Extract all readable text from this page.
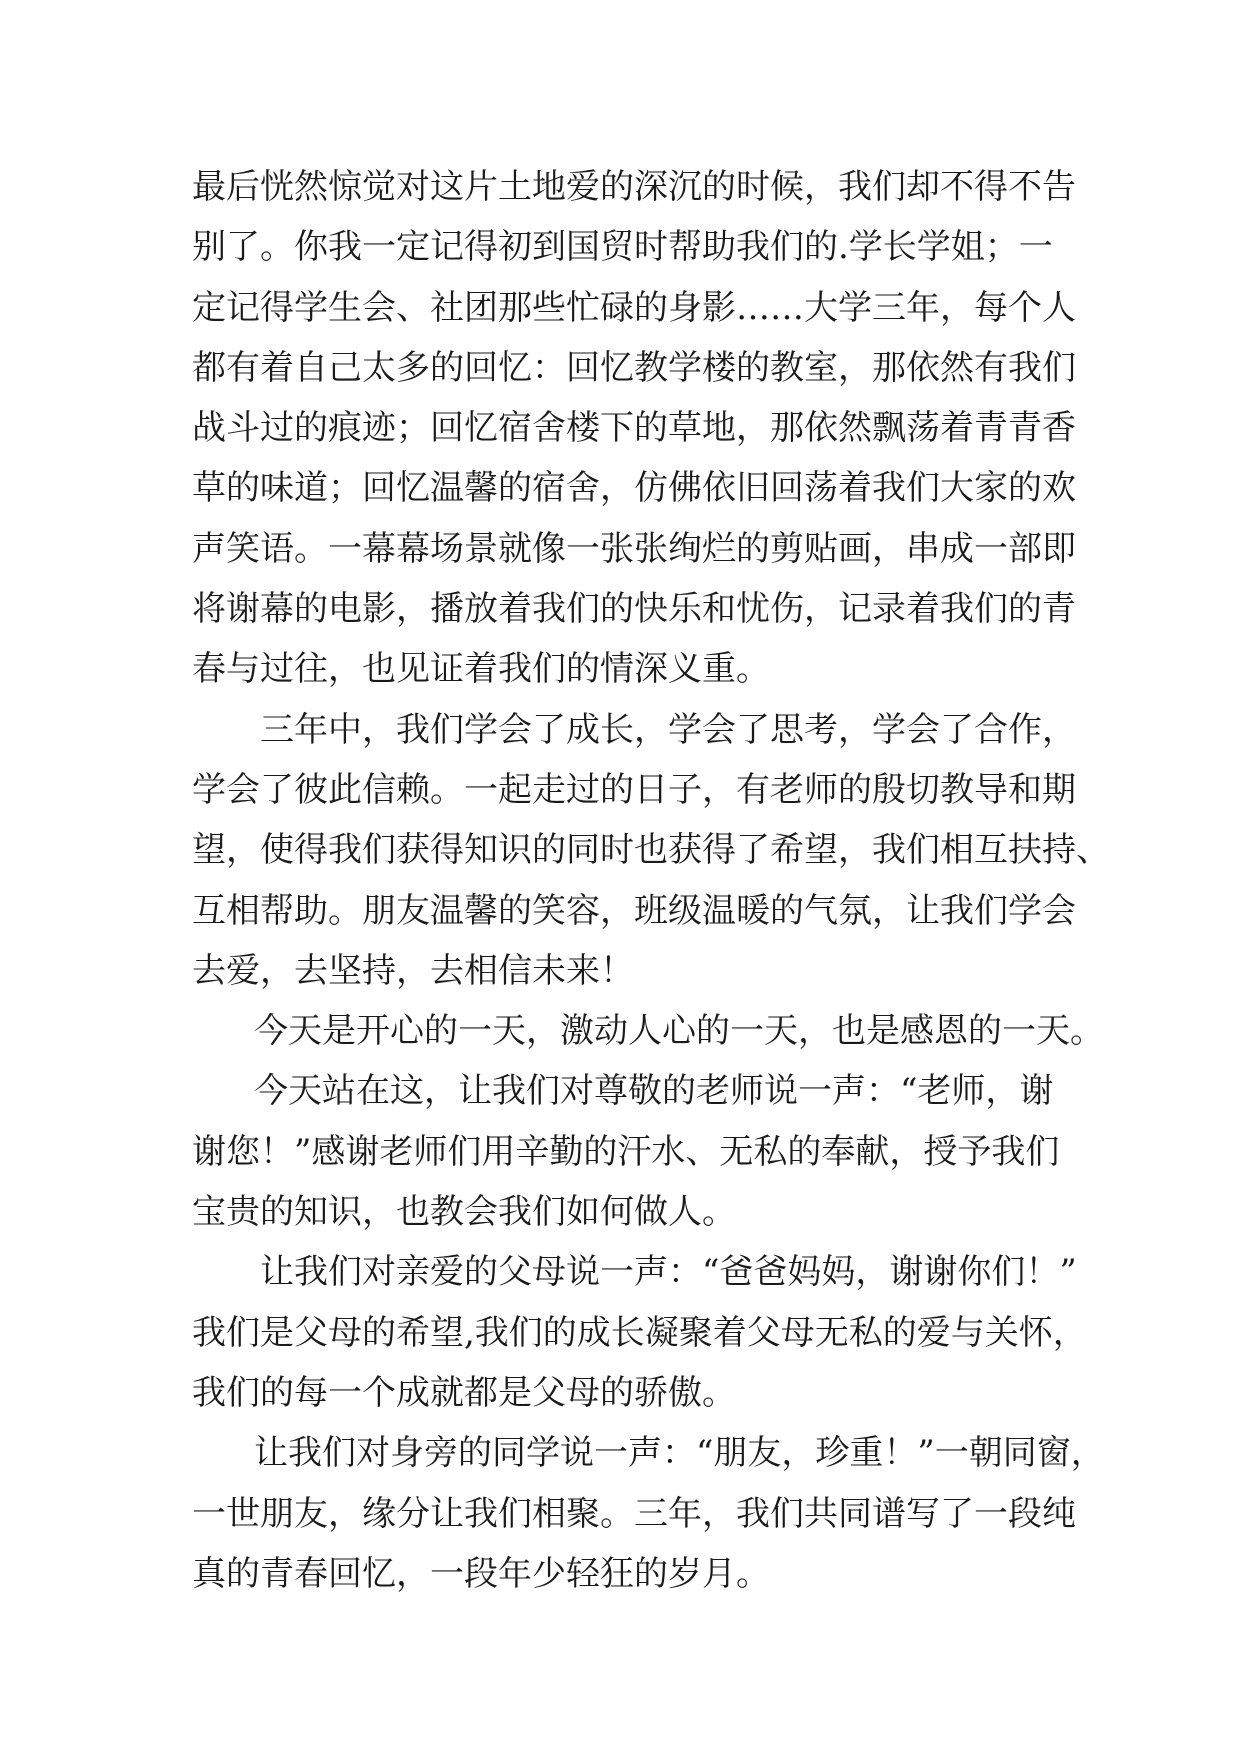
最后恍然惊觉对这片土地爱的深沉的时候，我们却不得不告
别了。你我一定记得初到国贸时帮助我们的.学长学姐；一
定记得学生会、社团那些忙碌的身影……大学三年，每个人
都有着自己太多的回忆：回忆教学楼的教室，那依然有我们
战斗过的痕迹；回忆宿舍楼下的草地，那依然飘荡着青青香
草的味道；回忆温馨的宿舍，仿佛依旧回荡着我们大家的欢
声笑语。一幕幕场景就像一张张绚烂的剪贴画，串成一部即
将谢幕的电影，播放着我们的快乐和忧伤，记录着我们的青
春与过往，也见证着我们的情深义重。
三年中，我们学会了成长，学会了思考，学会了合作，
学会了彼此信赖。一起走过的日子，有老师的殷切教导和期
望，使得我们获得知识的同时也获得了希望，我们相互扶持、
互相帮助。朋友温馨的笑容，班级温暖的气氛，让我们学会
去爱，去坚持，去相信未来！
今天是开心的一天，激动人心的一天，也是感恩的一天。
今天站在这，让我们对尊敬的老师说一声：“老师，谢
谢您！”感谢老师们用辛勤的汗水、无私的奉献，授予我们
宝贵的知识，也教会我们如何做人。
让我们对亲爱的父母说一声：“爸爸妈妈，谢谢你们！”
我们是父母的希望,我们的成长凝聚着父母无私的爱与关怀，
我们的每一个成就都是父母的骄傲。
让我们对身旁的同学说一声：“朋友，珍重！”一朝同窗，
一世朋友，缘分让我们相聚。三年，我们共同谱写了一段纯
真的青春回忆，一段年少轻狂的岁月。
